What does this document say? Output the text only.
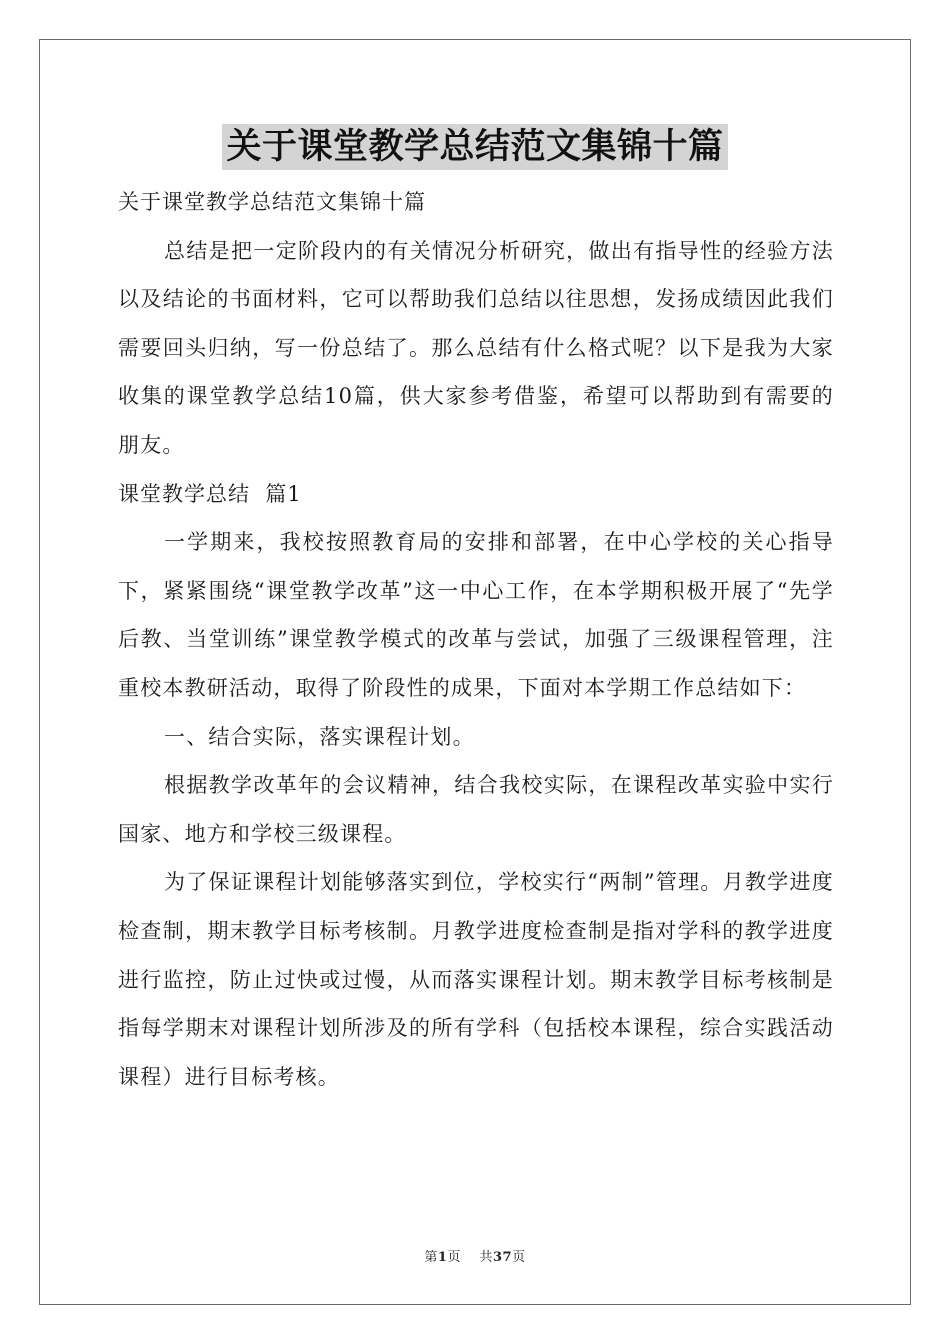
关于课堂教学总结范文集锦十篇

关于课堂教学总结范文集锦十篇

总结是把一定阶段内的有关情况分析研究，做出有指导性的经验方法以及结论的书面材料，它可以帮助我们总结以往思想，发扬成绩因此我们需要回头归纳，写一份总结了。那么总结有什么格式呢？以下是我为大家收集的课堂教学总结10篇，供大家参考借鉴，希望可以帮助到有需要的朋友。

课堂教学总结  篇1

一学期来，我校按照教育局的安排和部署，在中心学校的关心指导下，紧紧围绕“课堂教学改革”这一中心工作，在本学期积极开展了“先学后教、当堂训练”课堂教学模式的改革与尝试，加强了三级课程管理，注重校本教研活动，取得了阶段性的成果，下面对本学期工作总结如下：

一、结合实际，落实课程计划。

根据教学改革年的会议精神，结合我校实际，在课程改革实验中实行国家、地方和学校三级课程。

为了保证课程计划能够落实到位，学校实行“两制”管理。月教学进度检查制，期末教学目标考核制。月教学进度检查制是指对学科的教学进度进行监控，防止过快或过慢，从而落实课程计划。期末教学目标考核制是指每学期末对课程计划所涉及的所有学科（包括校本课程，综合实践活动课程）进行目标考核。

第1页 共37页
